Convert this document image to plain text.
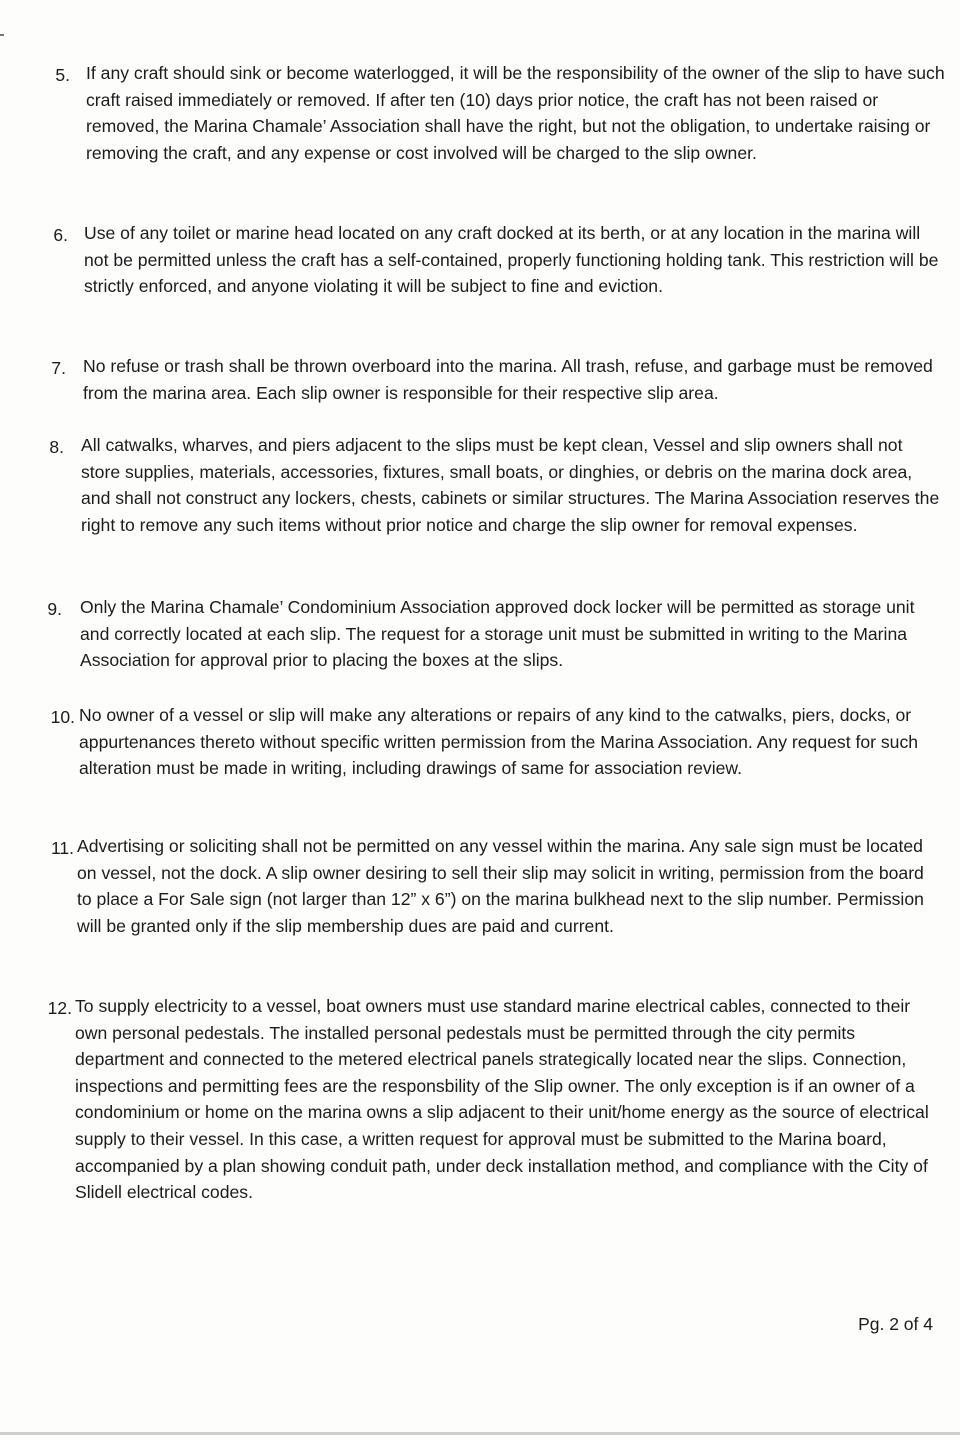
5. If any craft should sink or become waterlogged, it will be the responsibility of the owner of the slip to have such craft raised immediately or removed. If after ten (10) days prior notice, the craft has not been raised or removed, the Marina Chamale’ Association shall have the right, but not the obligation, to undertake raising or removing the craft, and any expense or cost involved will be charged to the slip owner.
6. Use of any toilet or marine head located on any craft docked at its berth, or at any location in the marina will not be permitted unless the craft has a self-contained, properly functioning holding tank. This restriction will be strictly enforced, and anyone violating it will be subject to fine and eviction.
7. No refuse or trash shall be thrown overboard into the marina. All trash, refuse, and garbage must be removed from the marina area. Each slip owner is responsible for their respective slip area.
8. All catwalks, wharves, and piers adjacent to the slips must be kept clean, Vessel and slip owners shall not store supplies, materials, accessories, fixtures, small boats, or dinghies, or debris on the marina dock area, and shall not construct any lockers, chests, cabinets or similar structures. The Marina Association reserves the right to remove any such items without prior notice and charge the slip owner for removal expenses.
9. Only the Marina Chamale’ Condominium Association approved dock locker will be permitted as storage unit and correctly located at each slip. The request for a storage unit must be submitted in writing to the Marina Association for approval prior to placing the boxes at the slips.
10. No owner of a vessel or slip will make any alterations or repairs of any kind to the catwalks, piers, docks, or appurtenances thereto without specific written permission from the Marina Association. Any request for such alteration must be made in writing, including drawings of same for association review.
11. Advertising or soliciting shall not be permitted on any vessel within the marina. Any sale sign must be located on vessel, not the dock. A slip owner desiring to sell their slip may solicit in writing, permission from the board to place a For Sale sign (not larger than 12” x 6”) on the marina bulkhead next to the slip number. Permission will be granted only if the slip membership dues are paid and current.
12. To supply electricity to a vessel, boat owners must use standard marine electrical cables, connected to their own personal pedestals. The installed personal pedestals must be permitted through the city permits department and connected to the metered electrical panels strategically located near the slips. Connection, inspections and permitting fees are the responsbility of the Slip owner. The only exception is if an owner of a condominium or home on the marina owns a slip adjacent to their unit/home energy as the source of electrical supply to their vessel. In this case, a written request for approval must be submitted to the Marina board, accompanied by a plan showing conduit path, under deck installation method, and compliance with the City of Slidell electrical codes.
Pg. 2 of 4
